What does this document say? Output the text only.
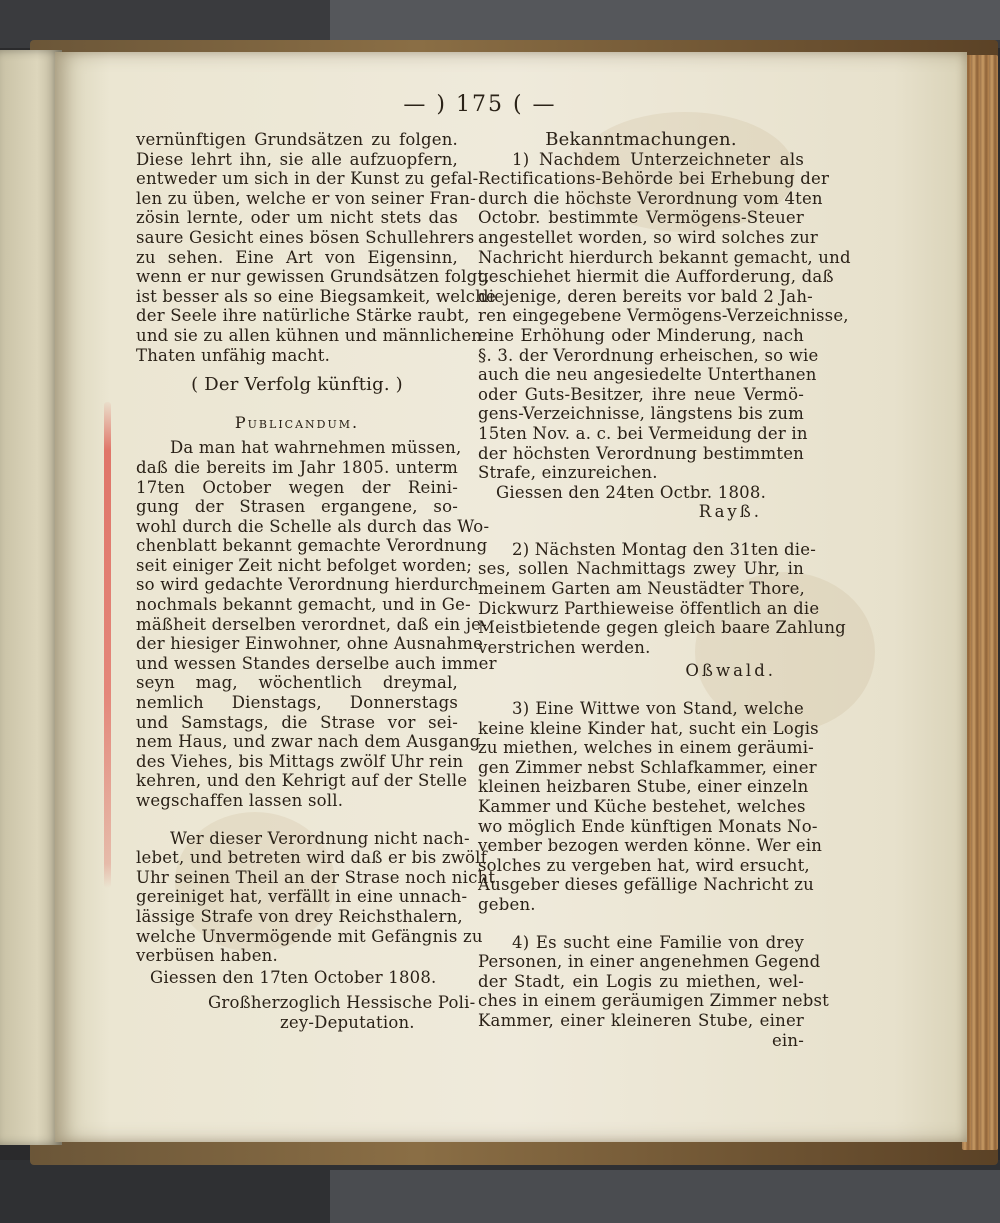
— ) 175 ( —
vernünftigen Grundsätzen zu folgen.
Diese lehrt ihn, sie alle aufzuopfern,
entweder um sich in der Kunst zu gefal-
len zu üben, welche er von seiner Fran-
zösin lernte, oder um nicht stets das
saure Gesicht eines bösen Schullehrers
zu sehen. Eine Art von Eigensinn,
wenn er nur gewissen Grundsätzen folgt,
ist besser als so eine Biegsamkeit, welche
der Seele ihre natürliche Stärke raubt,
und sie zu allen kühnen und männlichen
Thaten unfähig macht.
( Der Verfolg künftig. )
Publicandum.
Da man hat wahrnehmen müssen,
daß die bereits im Jahr 1805. unterm
17ten October wegen der Reini-
gung der Strasen ergangene, so-
wohl durch die Schelle als durch das Wo-
chenblatt bekannt gemachte Verordnung
seit einiger Zeit nicht befolget worden;
so wird gedachte Verordnung hierdurch
nochmals bekannt gemacht, und in Ge-
mäßheit derselben verordnet, daß ein je-
der hiesiger Einwohner, ohne Ausnahme
und wessen Standes derselbe auch immer
seyn mag, wöchentlich dreymal,
nemlich Dienstags, Donnerstags
und Samstags, die Strase vor sei-
nem Haus, und zwar nach dem Ausgang
des Viehes, bis Mittags zwölf Uhr rein
kehren, und den Kehrigt auf der Stelle
wegschaffen lassen soll.
Wer dieser Verordnung nicht nach-
lebet, und betreten wird daß er bis zwölf
Uhr seinen Theil an der Strase noch nicht
gereiniget hat, verfällt in eine unnach-
lässige Strafe von drey Reichsthalern,
welche Unvermögende mit Gefängnis zu
verbüsen haben.
Giessen den 17ten October 1808.
Großherzoglich Hessische Poli-
zey-Deputation.
Bekanntmachungen.
1) Nachdem Unterzeichneter als
Rectifications-Behörde bei Erhebung der
durch die höchste Verordnung vom 4ten
Octobr. bestimmte Vermögens-Steuer
angestellet worden, so wird solches zur
Nachricht hierdurch bekannt gemacht, und
geschiehet hiermit die Aufforderung, daß
diejenige, deren bereits vor bald 2 Jah-
ren eingegebene Vermögens-Verzeichnisse,
eine Erhöhung oder Minderung, nach
§. 3. der Verordnung erheischen, so wie
auch die neu angesiedelte Unterthanen
oder Guts-Besitzer, ihre neue Vermö-
gens-Verzeichnisse, längstens bis zum
15ten Nov. a. c. bei Vermeidung der in
der höchsten Verordnung bestimmten
Strafe, einzureichen.
Giessen den 24ten Octbr. 1808.
Rayß.
2) Nächsten Montag den 31ten die-
ses, sollen Nachmittags zwey Uhr, in
meinem Garten am Neustädter Thore,
Dickwurz Parthieweise öffentlich an die
Meistbietende gegen gleich baare Zahlung
verstrichen werden.
Oßwald.
3) Eine Wittwe von Stand, welche
keine kleine Kinder hat, sucht ein Logis
zu miethen, welches in einem geräumi-
gen Zimmer nebst Schlafkammer, einer
kleinen heizbaren Stube, einer einzeln
Kammer und Küche bestehet, welches
wo möglich Ende künftigen Monats No-
vember bezogen werden könne. Wer ein
solches zu vergeben hat, wird ersucht,
Ausgeber dieses gefällige Nachricht zu
geben.
4) Es sucht eine Familie von drey
Personen, in einer angenehmen Gegend
der Stadt, ein Logis zu miethen, wel-
ches in einem geräumigen Zimmer nebst
Kammer, einer kleineren Stube, einer
ein-
